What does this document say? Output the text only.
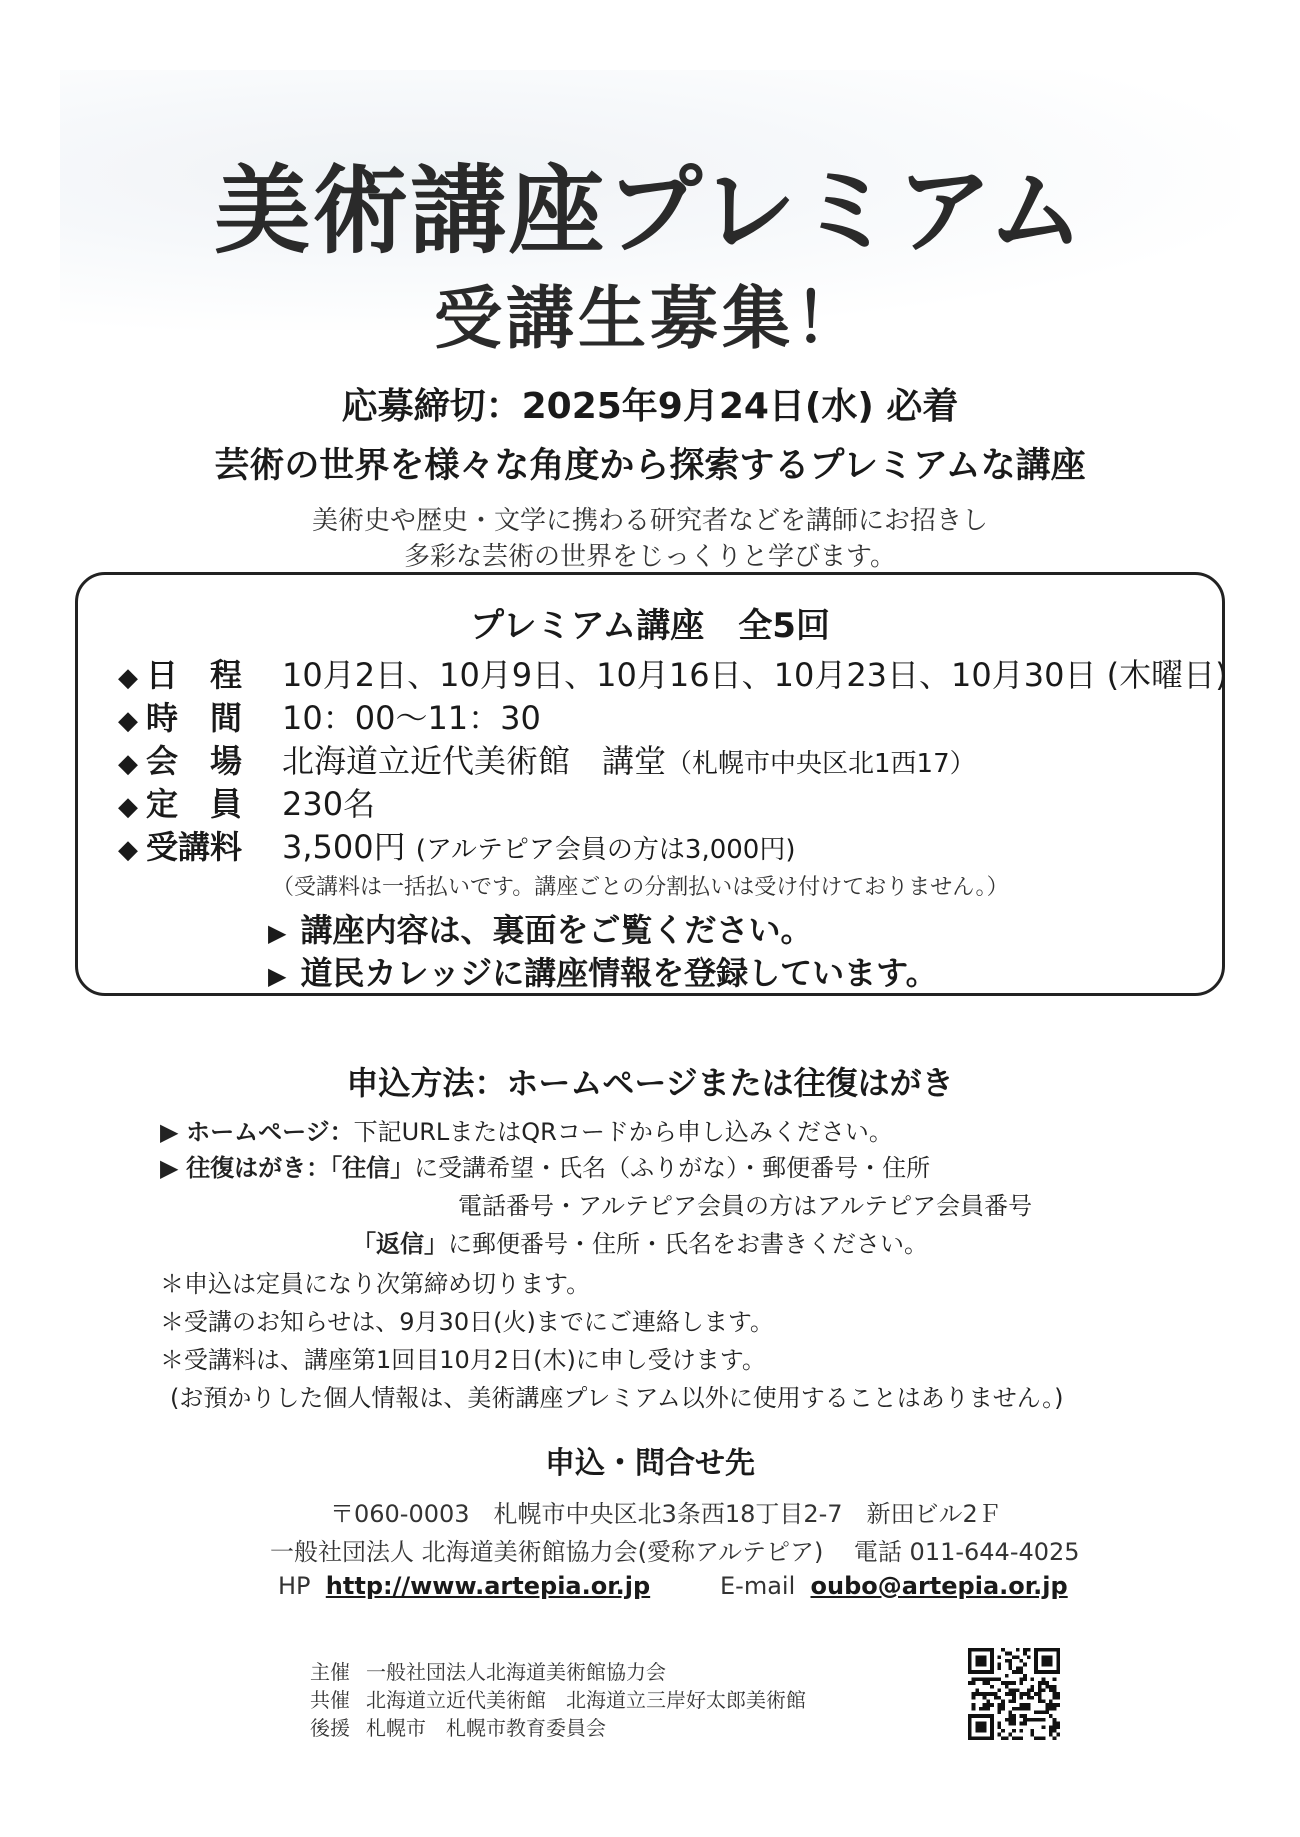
美術講座プレミアム
受講生募集！
応募締切：2025年9月24日(水) 必着
芸術の世界を様々な角度から探索するプレミアムな講座
美術史や歴史・文学に携わる研究者などを講師にお招きし
多彩な芸術の世界をじっくりと学びます。
プレミアム講座　全5回
◆ 日　程 10月2日、10月9日、10月16日、10月23日、10月30日 (木曜日)
◆ 時　間 10：00〜11：30
◆ 会　場 北海道立近代美術館　講堂（札幌市中央区北1西17）
◆ 定　員 230名
◆ 受講料 3,500円 (アルテピア会員の方は3,000円)
（受講料は一括払いです。講座ごとの分割払いは受け付けておりません。）
▶ 講座内容は、裏面をご覧ください。
▶ 道民カレッジに講座情報を登録しています。
申込方法：ホームページまたは往復はがき
▶ ホームページ：下記URLまたはQRコードから申し込みください。
▶ 往復はがき：「往信」に受講希望・氏名（ふりがな）・郵便番号・住所
電話番号・アルテピア会員の方はアルテピア会員番号
「返信」に郵便番号・住所・氏名をお書きください。
＊申込は定員になり次第締め切ります。
＊受講のお知らせは、9月30日(火)までにご連絡します。
＊受講料は、講座第1回目10月2日(木)に申し受けます。
(お預かりした個人情報は、美術講座プレミアム以外に使用することはありません。)
申込・問合せ先
〒060-0003　札幌市中央区北3条西18丁目2-7　新田ビル2Ｆ
一般社団法人 北海道美術館協力会(愛称アルテピア) 電話 011-644-4025
HP http://www.artepia.or.jp	E-mail oubo@artepia.or.jp
主催 一般社団法人北海道美術館協力会
共催 北海道立近代美術館　北海道立三岸好太郎美術館
後援 札幌市　札幌市教育委員会
